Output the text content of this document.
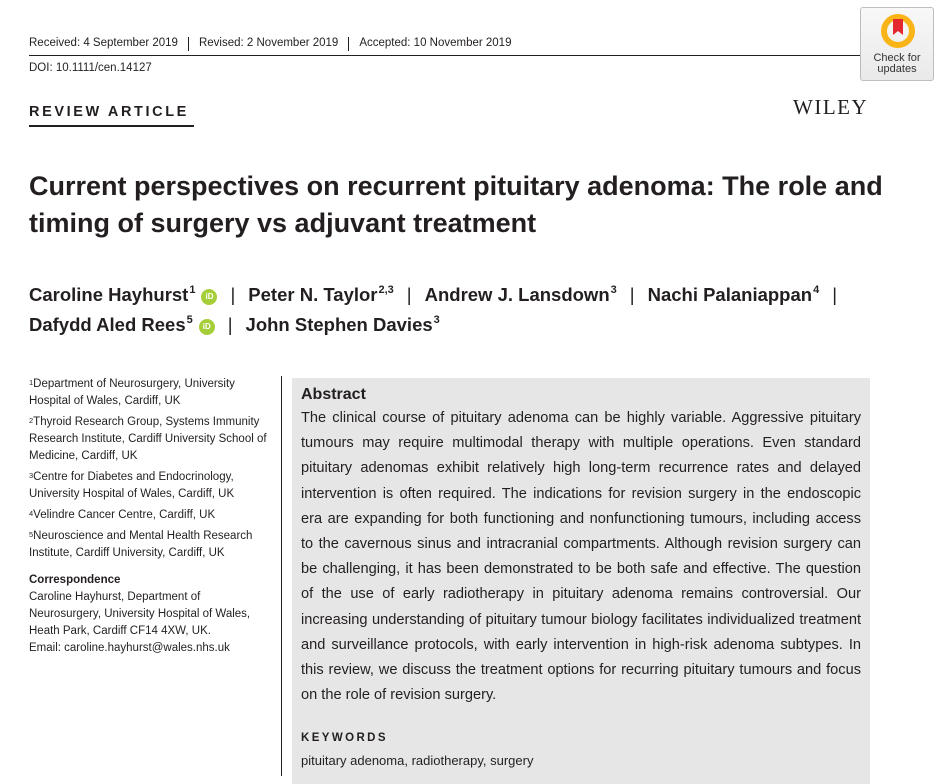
Received: 4 September 2019 Revised: 2 November 2019 Accepted: 10 November 2019
DOI: 10.1111/cen.14127
Check for updates
REVIEW ARTICLE	WILEY
Current perspectives on recurrent pituitary adenoma: The role and timing of surgery vs adjuvant treatment
Caroline Hayhurst$^1$iD | Peter N. Taylor$^{2,3}$ | Andrew J. Lansdown$^3$ | Nachi Palaniappan$^4$ |
Dafydd Aled Rees$^5$iD | John Stephen Davies$^3$

$^1$Department of Neurosurgery, University Hospital of Wales, Cardiff, UK

$^2$Thyroid Research Group, Systems Immunity Research Institute, Cardiff University School of Medicine, Cardiff, UK

$^3$Centre for Diabetes and Endocrinology, University Hospital of Wales, Cardiff, UK

$^4$Velindre Cancer Centre, Cardiff, UK

$^5$Neuroscience and Mental Health Research Institute, Cardiff University, Cardiff, UK

Correspondence

Caroline Hayhurst, Department of Neurosurgery, University Hospital of Wales, Heath Park, Cardiff CF14 4XW, UK.

Email: caroline.hayhurst@wales.nhs.uk

Abstract

The clinical course of pituitary adenoma can be highly variable. Aggressive pituitary tumours may require multimodal therapy with multiple operations. Even standard pituitary adenomas exhibit relatively high long-term recurrence rates and delayed intervention is often required. The indications for revision surgery in the endoscopic era are expanding for both functioning and nonfunctioning tumours, including access to the cavernous sinus and intracranial compartments. Although revision surgery can be challenging, it has been demonstrated to be both safe and effective. The question of the use of early radiotherapy in pituitary adenoma remains controversial. Our increasing understanding of pituitary tumour biology facilitates individualized treatment and surveillance protocols, with early intervention in high-risk adenoma subtypes. In this review, we discuss the treatment options for recurring pituitary tumours and focus on the role of revision surgery.

KEYWORDS
pituitary adenoma, radiotherapy, surgery
